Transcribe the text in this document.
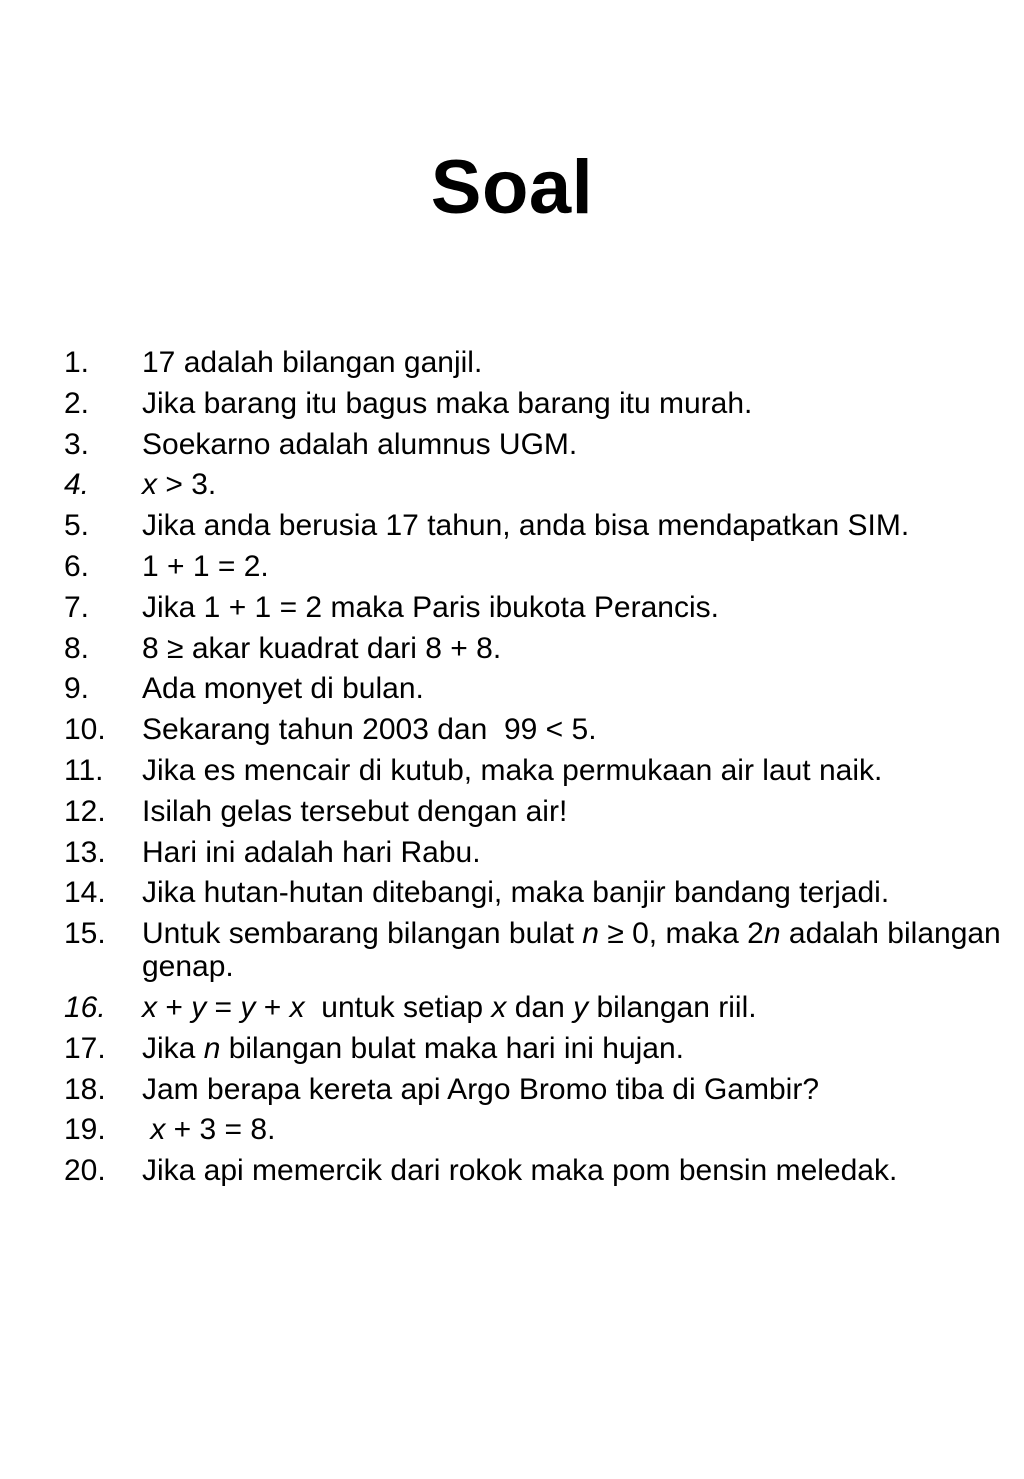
Soal
1.	17 adalah bilangan ganjil.
2.	Jika barang itu bagus maka barang itu murah.
3.	Soekarno adalah alumnus UGM.
4.	x > 3.
5.	Jika anda berusia 17 tahun, anda bisa mendapatkan SIM.
6.	1 + 1 = 2.
7.	Jika 1 + 1 = 2 maka Paris ibukota Perancis.
8.	8 ≥ akar kuadrat dari 8 + 8.
9.	Ada monyet di bulan.
10.	Sekarang tahun 2003 dan  99 < 5.
11.	Jika es mencair di kutub, maka permukaan air laut naik.
12.	Isilah gelas tersebut dengan air!
13.	Hari ini adalah hari Rabu.
14.	Jika hutan-hutan ditebangi, maka banjir bandang terjadi.
15.	Untuk sembarang bilangan bulat n ≥ 0, maka 2n adalah bilangan genap.
16.	x + y = y + x  untuk setiap x dan y bilangan riil.
17.	Jika n bilangan bulat maka hari ini hujan.
18.	Jam berapa kereta api Argo Bromo tiba di Gambir?
19.	x + 3 = 8.
20.	Jika api memercik dari rokok maka pom bensin meledak.
